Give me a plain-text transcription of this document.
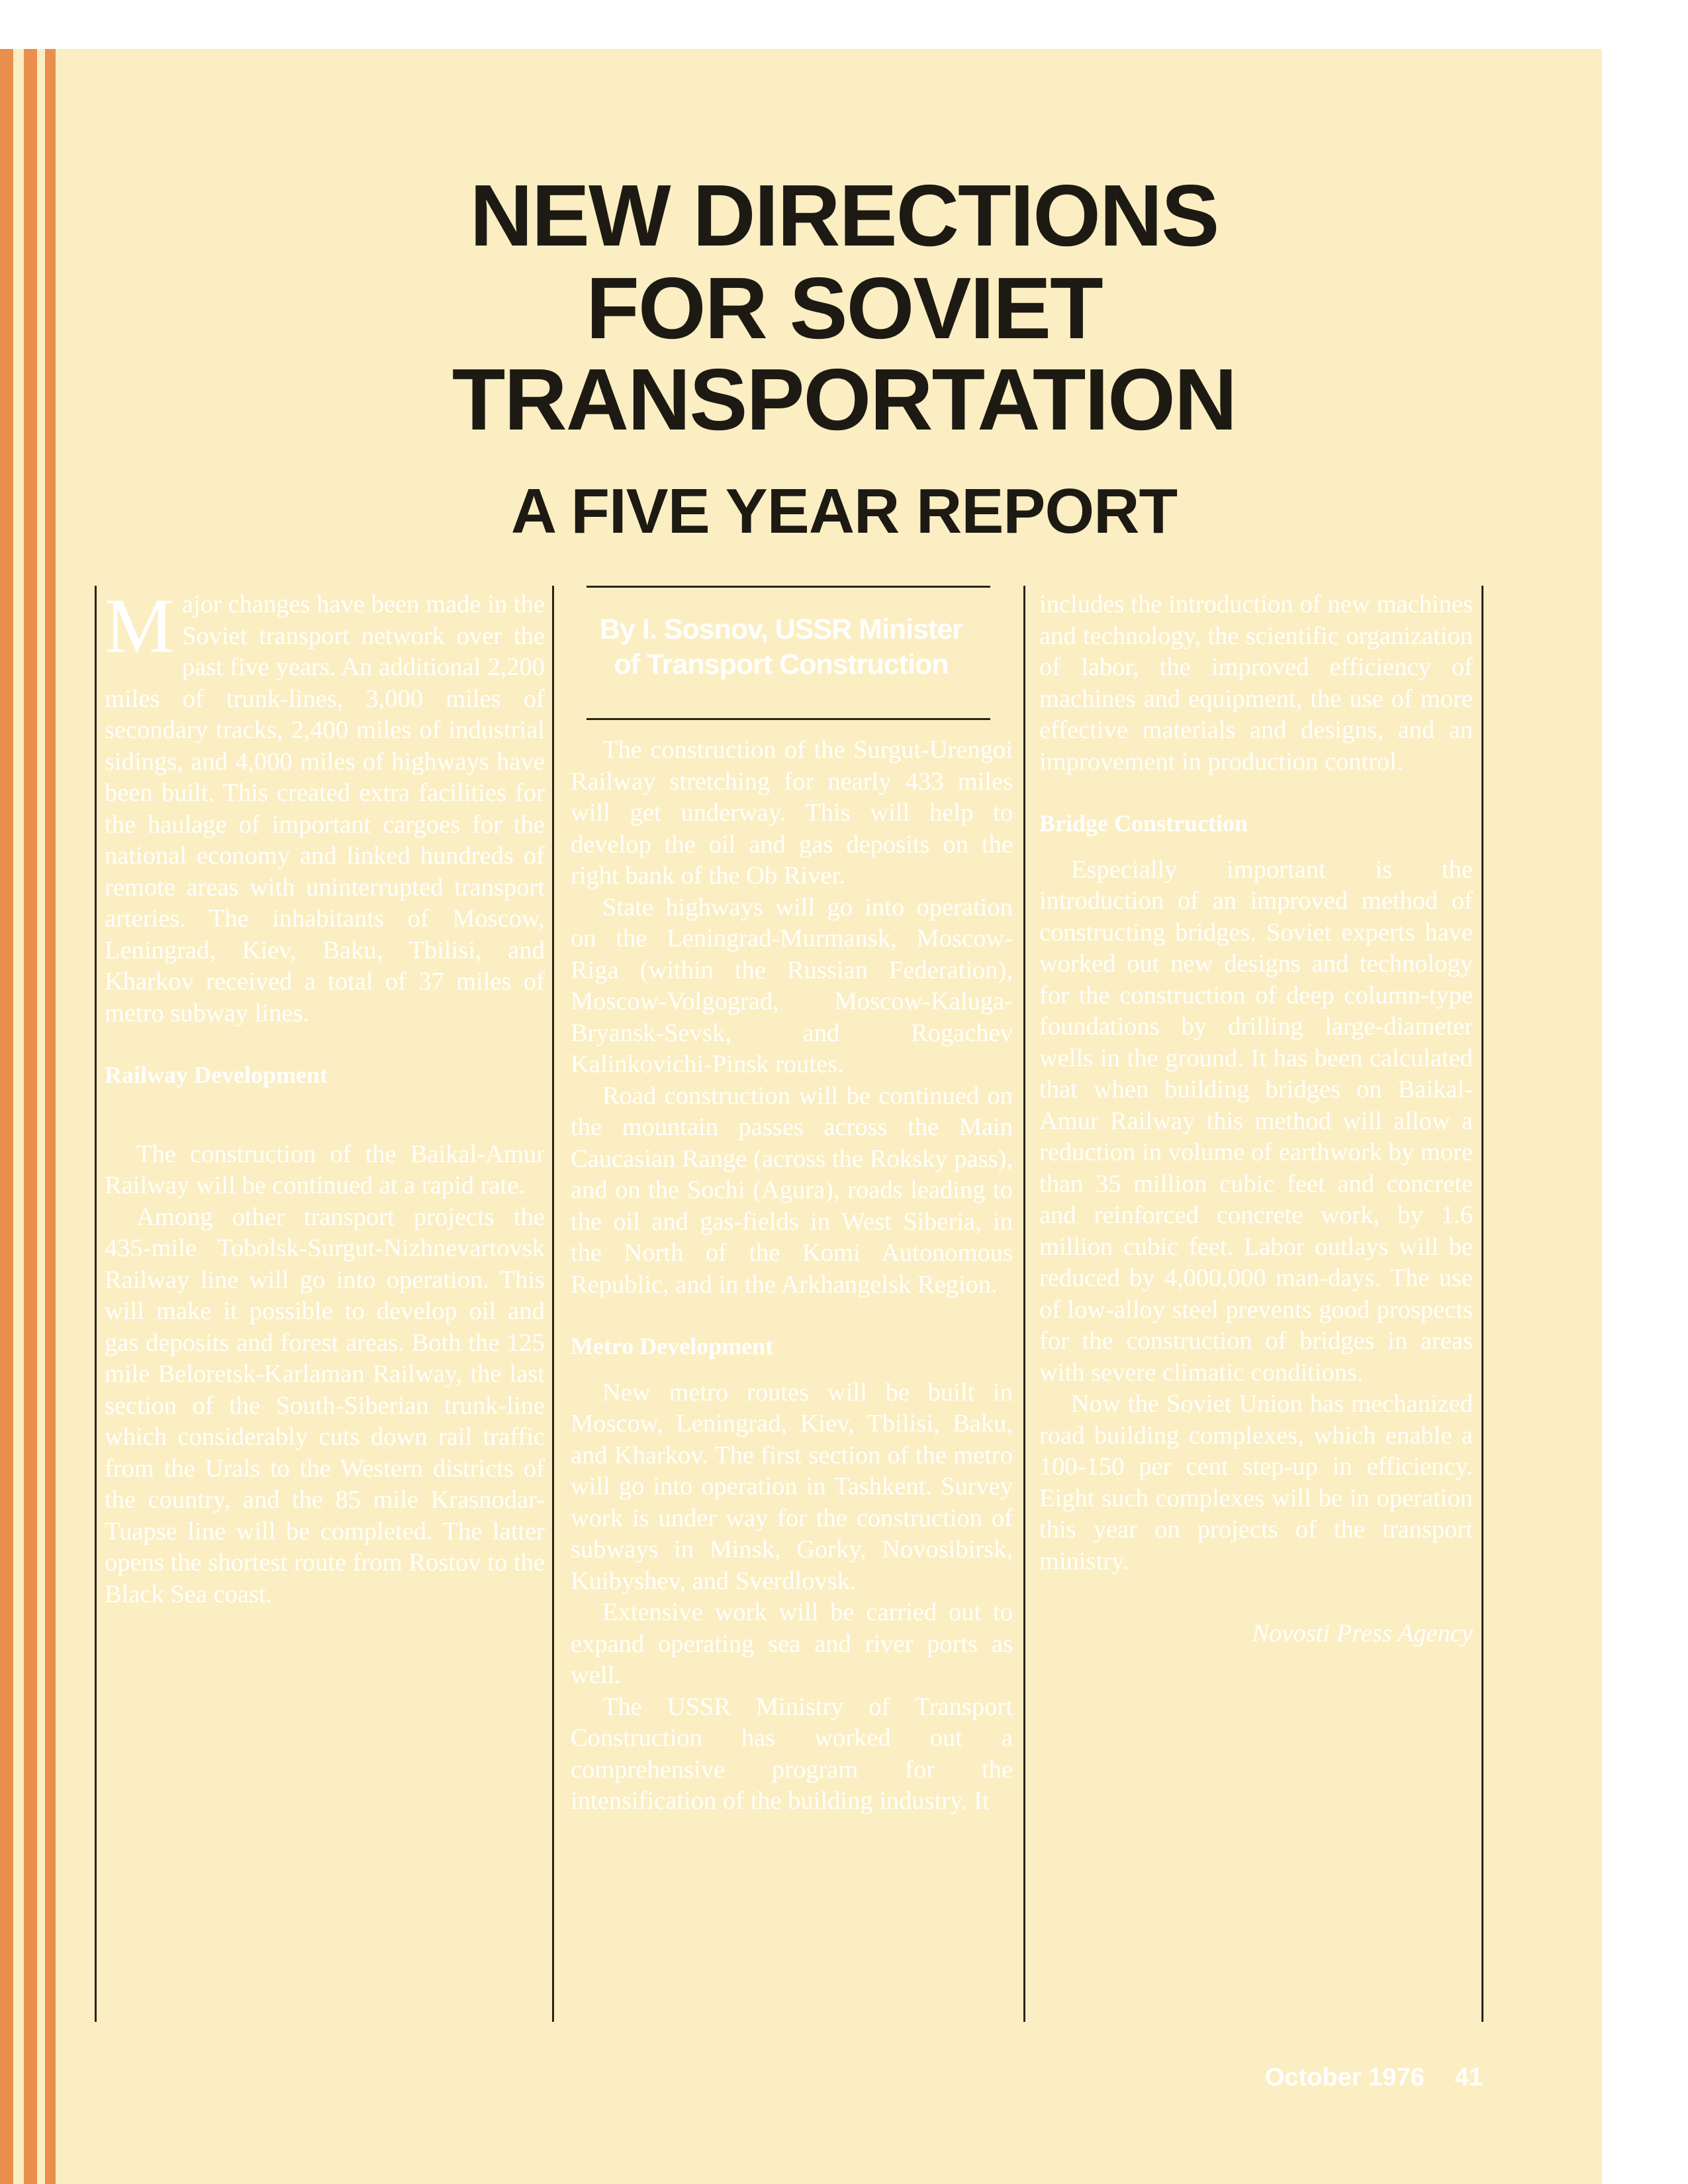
NEW DIRECTIONS
FOR SOVIET
TRANSPORTATION
A FIVE YEAR REPORT
By I. Sosnov, USSR Minister
of Transport Construction

Major changes have been made in the Soviet transport network over the past five years. An additional 2,200 miles of trunk-lines, 3,000 miles of secondary tracks, 2,400 miles of industrial sidings, and 4,000 miles of highways have been built. This created extra facilities for the haulage of important cargoes for the national economy and linked hundreds of remote areas with uninterrupted transport arteries. The inhabitants of Moscow, Leningrad, Kiev, Baku, Tbilisi, and Kharkov received a total of 37 miles of metro subway lines.

Railway Development

The construction of the Baikal-Amur Railway will be continued at a rapid rate.

Among other transport projects the 435-mile Tobolsk-Surgut-Nizhnevartovsk Railway line will go into operation. This will make it possible to develop oil and gas deposits and forest areas. Both the 125 mile Beloretsk-Karlaman Railway, the last section of the South-Siberian trunk-line which considerably cuts down rail traffic from the Urals to the Western districts of the country, and the 85 mile Krasnodar-Tuapse line will be completed. The latter opens the shortest route from Rostov to the Black Sea coast.

The construction of the Surgut-Urengoi Railway stretching for nearly 433 miles will get underway. This will help to develop the oil and gas deposits on the right bank of the Ob River.

State highways will go into operation on the Leningrad-Murmansk, Moscow-Riga (within the Russian Federation), Moscow-Volgograd, Moscow-Kaluga-Bryansk-Sevsk, and Rogachev Kalinkovichi-Pinsk routes.

Road construction will be continued on the mountain passes across the Main Caucasian Range (across the Roksky pass), and on the Sochi (Agura), roads leading to the oil and gas-fields in West Siberia, in the North of the Komi Autonomous Republic, and in the Arkhangelsk Region.

Metro Development

New metro routes will be built in Moscow, Leningrad, Kiev, Tbilisi, Baku, and Kharkov. The first section of the metro will go into operation in Tashkent. Survey work is under way for the construction of subways in Minsk, Gorky, Novosibirsk, Kuibyshev, and Sverdlovsk.

Extensive work will be carried out to expand operating sea and river ports as well.

The USSR Ministry of Transport Construction has worked out a comprehensive program for the intensification of the building industry. It

includes the introduction of new machines and technology, the scientific organization of labor, the improved efficiency of machines and equipment, the use of more effective materials and designs, and an improvement in production control.

Bridge Construction

Especially important is the introduction of an improved method of constructing bridges. Soviet experts have worked out new designs and technology for the construction of deep column-type foundations by drilling large-diameter wells in the ground. It has been calculated that when building bridges on Baikal-Amur Railway this method will allow a reduction in volume of earthwork by more than 35 million cubic feet and concrete and reinforced concrete work, by 1.6 million cubic feet. Labor outlays will be reduced by 4,000,000 man-days. The use of low-alloy steel prevents good prospects for the construction of bridges in areas with severe climatic conditions.

Now the Soviet Union has mechanized road building complexes, which enable a 100-150 per cent step-up in efficiency. Eight such complexes will be in operation this year on projects of the transport ministry.

Novosti Press Agency

October 1976 41
